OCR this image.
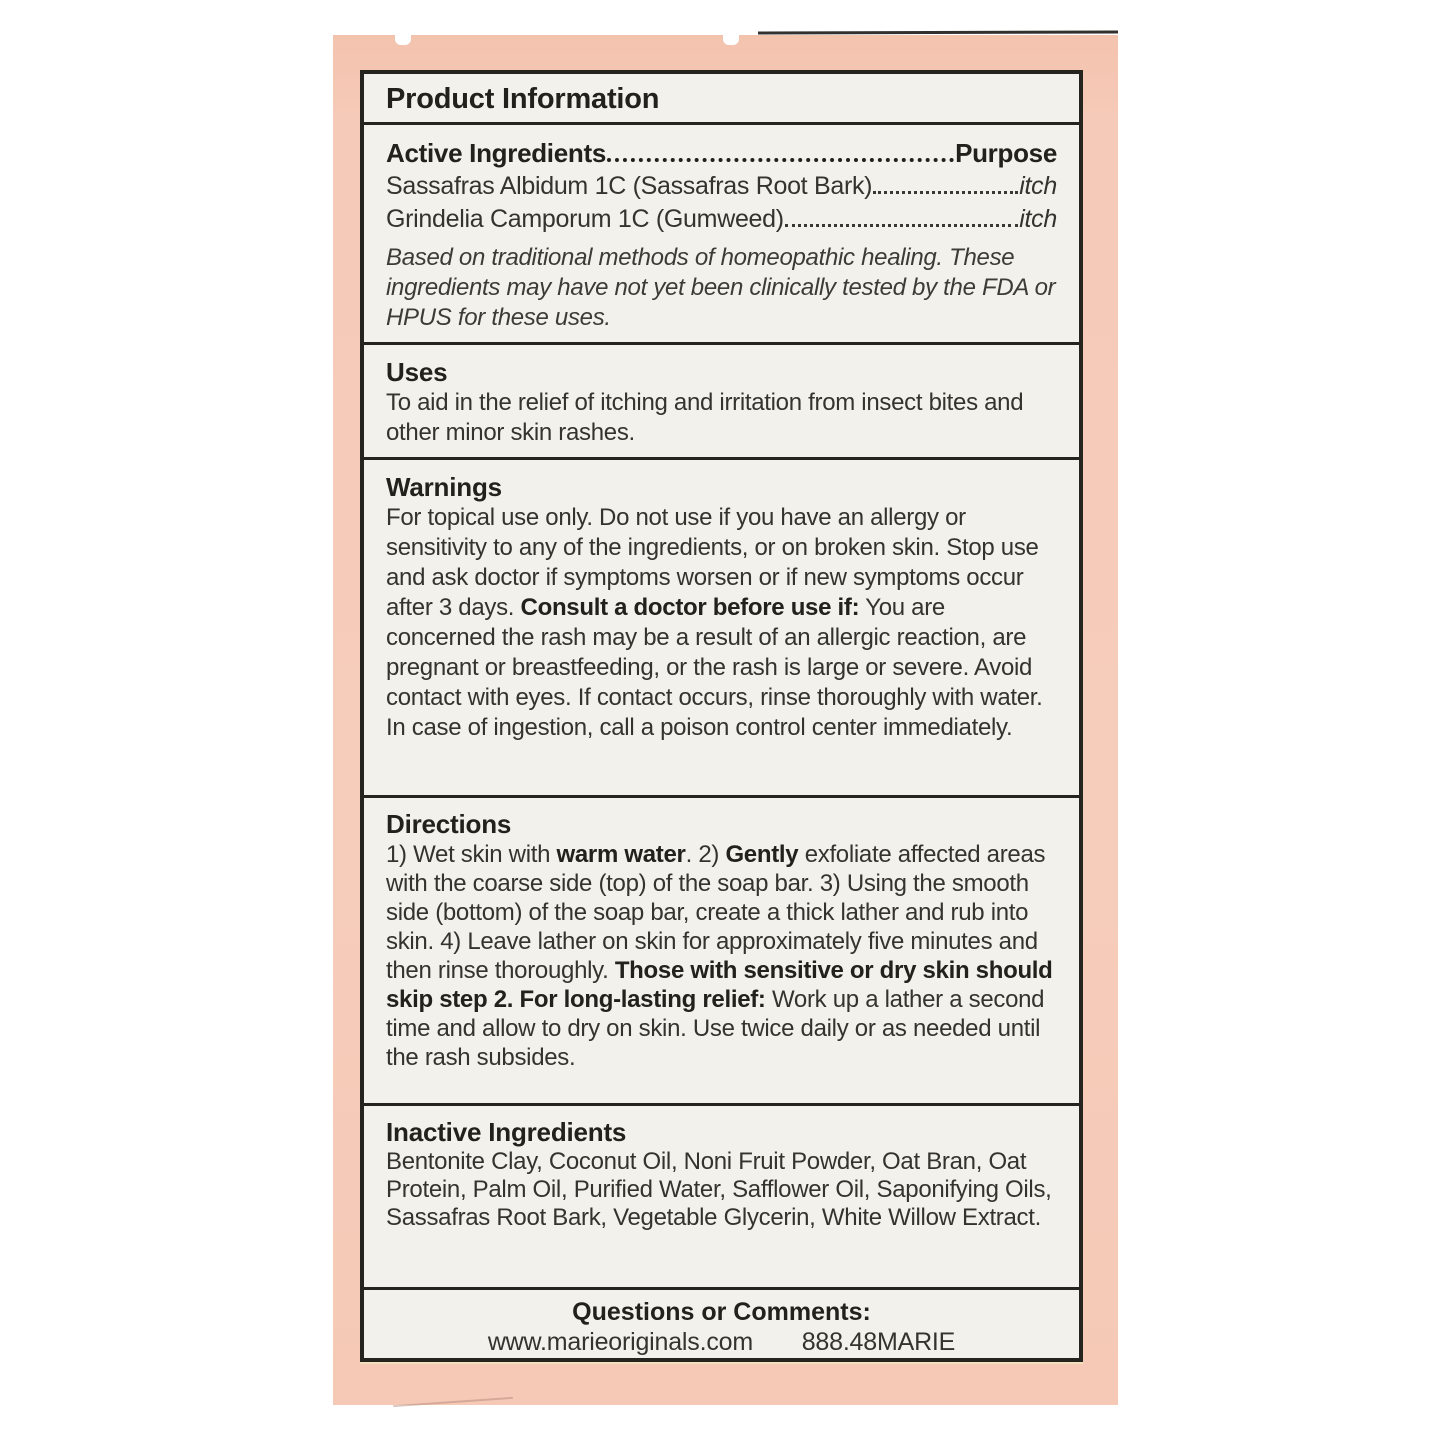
Product Information
Active Ingredients	Purpose
Sassafras Albidum 1C (Sassafras Root Bark)	itch
Grindelia Camporum 1C (Gumweed)	itch

Based on traditional methods of homeopathic healing. These ingredients may have not yet been clinically tested by the FDA or HPUS for these uses.

Uses

To aid in the relief of itching and irritation from insect bites and other minor skin rashes.

Warnings

For topical use only. Do not use if you have an allergy or sensitivity to any of the ingredients, or on broken skin. Stop use and ask doctor if symptoms worsen or if new symptoms occur after 3 days. Consult a doctor before use if: You are concerned the rash may be a result of an allergic reaction, are pregnant or breastfeeding, or the rash is large or severe. Avoid contact with eyes. If contact occurs, rinse thoroughly with water. In case of ingestion, call a poison control center immediately.

Directions

1) Wet skin with warm water. 2) Gently exfoliate affected areas with the coarse side (top) of the soap bar. 3) Using the smooth side (bottom) of the soap bar, create a thick lather and rub into skin. 4) Leave lather on skin for approximately five minutes and then rinse thoroughly. Those with sensitive or dry skin should skip step 2. For long-lasting relief: Work up a lather a second time and allow to dry on skin. Use twice daily or as needed until the rash subsides.

Inactive Ingredients

Bentonite Clay, Coconut Oil, Noni Fruit Powder, Oat Bran, Oat Protein, Palm Oil, Purified Water, Safflower Oil, Saponifying Oils, Sassafras Root Bark, Vegetable Glycerin, White Willow Extract.

Questions or Comments:
www.marieoriginals.com 888.48MARIE
